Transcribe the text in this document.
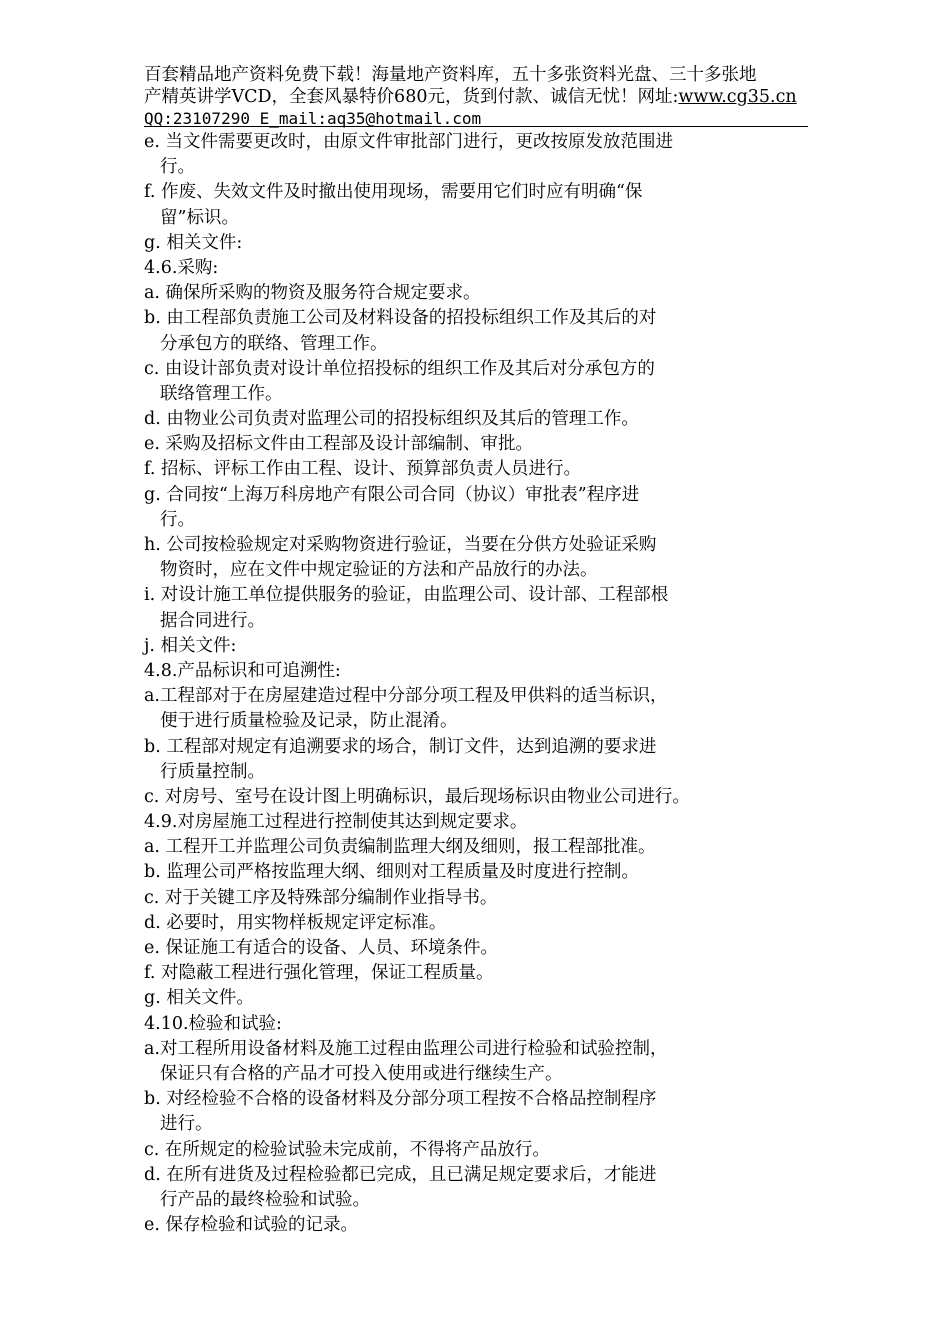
百套精品地产资料免费下载！海量地产资料库，五十多张资料光盘、三十多张地
产精英讲学VCD，全套风暴特价680元，货到付款、诚信无忧！网址:www.cg35.cn
QQ:23107290 E_mail:aq35@hotmail.com
e. 当文件需要更改时，由原文件审批部门进行，更改按原发放范围进
行。
f. 作废、失效文件及时撤出使用现场，需要用它们时应有明确“保
留”标识。
g. 相关文件:
4.6.采购:
a. 确保所采购的物资及服务符合规定要求。
b. 由工程部负责施工公司及材料设备的招投标组织工作及其后的对
分承包方的联络、管理工作。
c. 由设计部负责对设计单位招投标的组织工作及其后对分承包方的
联络管理工作。
d. 由物业公司负责对监理公司的招投标组织及其后的管理工作。
e. 采购及招标文件由工程部及设计部编制、审批。
f. 招标、评标工作由工程、设计、预算部负责人员进行。
g. 合同按“上海万科房地产有限公司合同（协议）审批表”程序进
行。
h. 公司按检验规定对采购物资进行验证，当要在分供方处验证采购
物资时，应在文件中规定验证的方法和产品放行的办法。
i. 对设计施工单位提供服务的验证，由监理公司、设计部、工程部根
据合同进行。
j. 相关文件:
4.8.产品标识和可追溯性:
a.工程部对于在房屋建造过程中分部分项工程及甲供料的适当标识，
便于进行质量检验及记录，防止混淆。
b. 工程部对规定有追溯要求的场合，制订文件，达到追溯的要求进
行质量控制。
c. 对房号、室号在设计图上明确标识，最后现场标识由物业公司进行。
4.9.对房屋施工过程进行控制使其达到规定要求。
a. 工程开工并监理公司负责编制监理大纲及细则，报工程部批准。
b. 监理公司严格按监理大纲、细则对工程质量及时度进行控制。
c. 对于关键工序及特殊部分编制作业指导书。
d. 必要时，用实物样板规定评定标准。
e. 保证施工有适合的设备、人员、环境条件。
f. 对隐蔽工程进行强化管理，保证工程质量。
g. 相关文件。
4.10.检验和试验:
a.对工程所用设备材料及施工过程由监理公司进行检验和试验控制，
保证只有合格的产品才可投入使用或进行继续生产。
b. 对经检验不合格的设备材料及分部分项工程按不合格品控制程序
进行。
c. 在所规定的检验试验未完成前，不得将产品放行。
d. 在所有进货及过程检验都已完成，且已满足规定要求后，才能进
行产品的最终检验和试验。
e. 保存检验和试验的记录。
